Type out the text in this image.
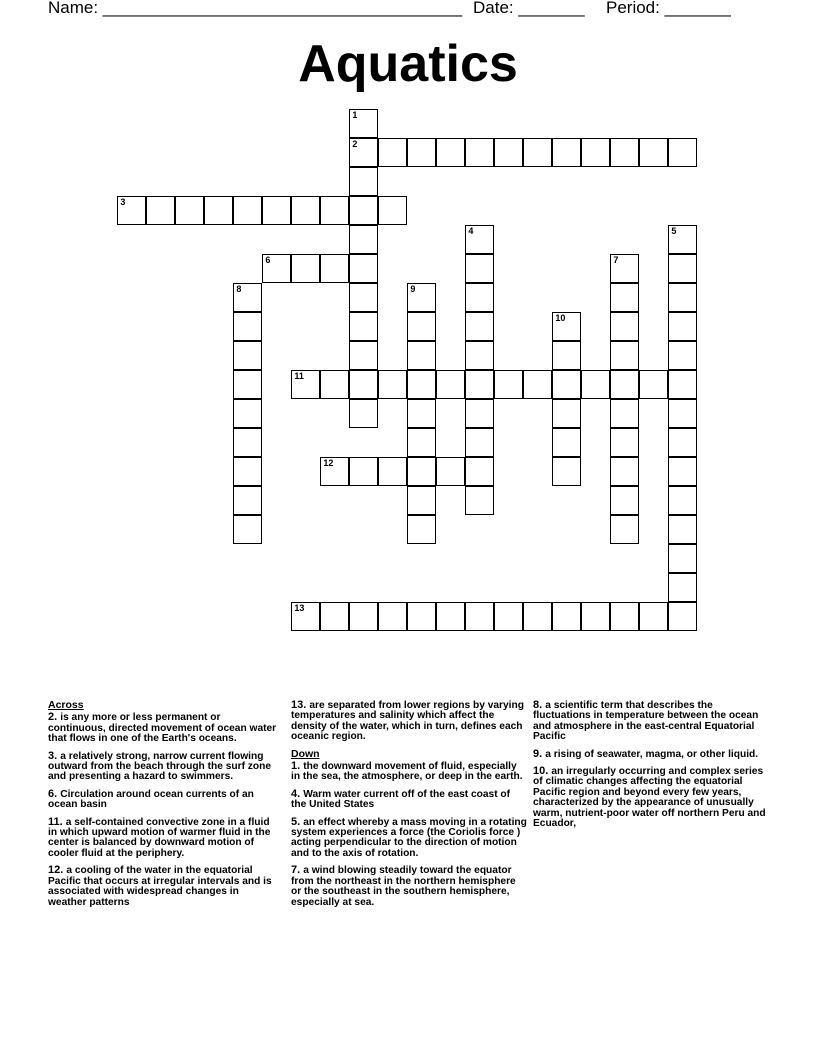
Name: ______________________________________ Date: _______ Period: _______
Aquatics
1
2
3
4	5
6	7
8	9
10
11
12
13
Across
2. is any more or less permanent or continuous, directed movement of ocean water that flows in one of the Earth's oceans.
3. a relatively strong, narrow current flowing outward from the beach through the surf zone and presenting a hazard to swimmers.
6. Circulation around ocean currents of an ocean basin
11. a self-contained convective zone in a fluid in which upward motion of warmer fluid in the center is balanced by downward motion of cooler fluid at the periphery.
12. a cooling of the water in the equatorial Pacific that occurs at irregular intervals and is associated with widespread changes in weather patterns
13. are separated from lower regions by varying temperatures and salinity which affect the density of the water, which in turn, defines each oceanic region.
Down
1. the downward movement of fluid, especially in the sea, the atmosphere, or deep in the earth.
4. Warm water current off of the east coast of the United States
5. an effect whereby a mass moving in a rotating system experiences a force (the Coriolis force ) acting perpendicular to the direction of motion and to the axis of rotation.
7. a wind blowing steadily toward the equator from the northeast in the northern hemisphere or the southeast in the southern hemisphere, especially at sea.
8. a scientific term that describes the fluctuations in temperature between the ocean and atmosphere in the east-central Equatorial Pacific
9. a rising of seawater, magma, or other liquid.
10. an irregularly occurring and complex series of climatic changes affecting the equatorial Pacific region and beyond every few years, characterized by the appearance of unusually warm, nutrient-poor water off northern Peru and Ecuador,
